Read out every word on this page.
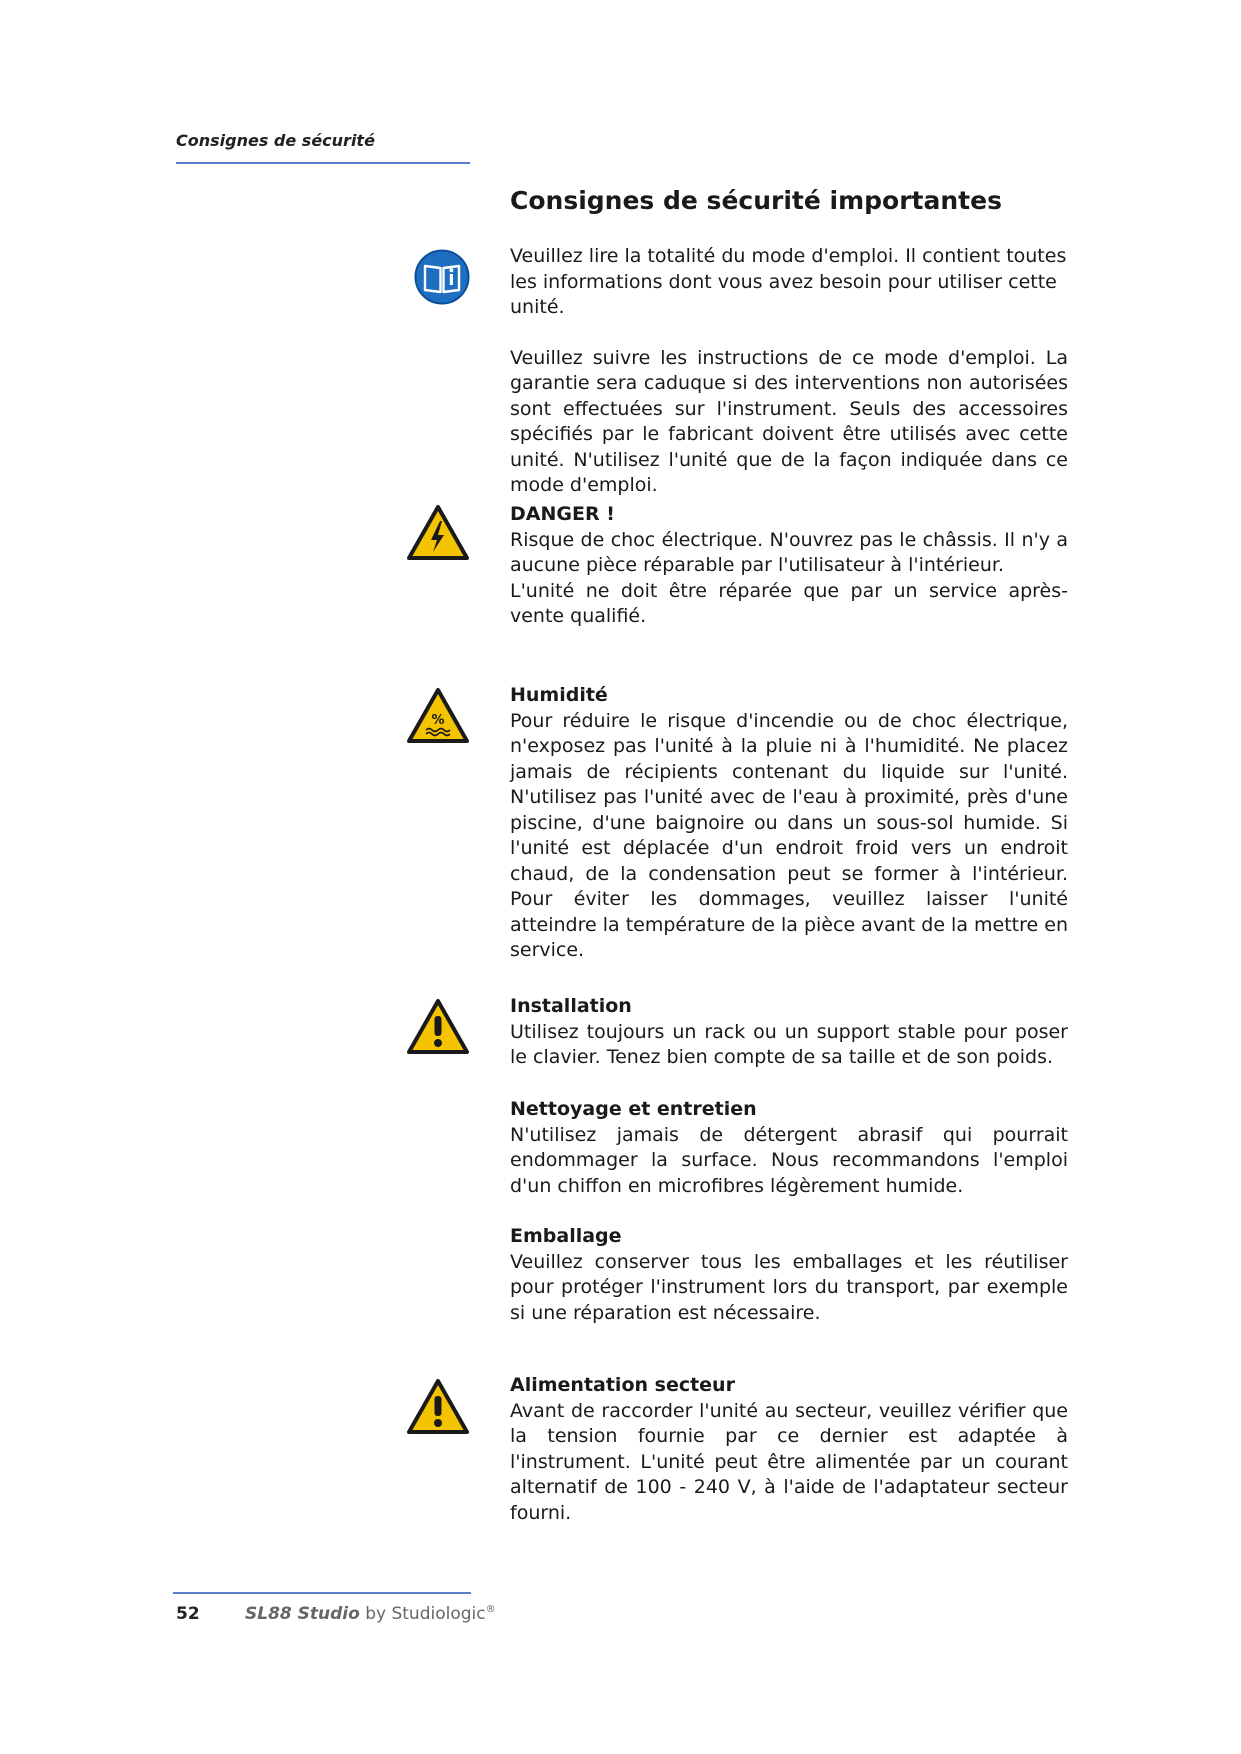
Consignes de sécurité
Consignes de sécurité importantes

Veuillez lire la totalité du mode d'emploi. Il contient toutes les informations dont vous avez besoin pour utiliser cette unité.

Veuillez suivre les instructions de ce mode d'emploi. La garantie sera caduque si des interventions non autorisées sont effectuées sur l'instrument. Seuls des accessoires spécifiés par le fabricant doivent être utilisés avec cette unité. N'utilisez l'unité que de la façon indiquée dans ce mode d'emploi.

DANGER !

Risque de choc électrique. N'ouvrez pas le châssis. Il n'y a aucune pièce réparable par l'utilisateur à l'intérieur.

L'unité ne doit être réparée que par un service après-vente qualifié.

%
Humidité

Pour réduire le risque d'incendie ou de choc électrique, n'exposez pas l'unité à la pluie ni à l'humidité. Ne placez jamais de récipients contenant du liquide sur l'unité. N'utilisez pas l'unité avec de l'eau à proximité, près d'une piscine, d'une baignoire ou dans un sous-sol humide. Si l'unité est déplacée d'un endroit froid vers un endroit chaud, de la condensation peut se former à l'intérieur. Pour éviter les dommages, veuillez laisser l'unité atteindre la température de la pièce avant de la mettre en service.

Installation

Utilisez toujours un rack ou un support stable pour poser le clavier. Tenez bien compte de sa taille et de son poids.

Nettoyage et entretien

N'utilisez jamais de détergent abrasif qui pourrait endommager la surface. Nous recommandons l'emploi d'un chiffon en microfibres légèrement humide.

Emballage

Veuillez conserver tous les emballages et les réutiliser pour protéger l'instrument lors du transport, par exemple si une réparation est nécessaire.

Alimentation secteur

Avant de raccorder l'unité au secteur, veuillez vérifier que la tension fournie par ce dernier est adaptée à l'instrument. L'unité peut être alimentée par un courant alternatif de 100 - 240 V, à l'aide de l'adaptateur secteur fourni.

52	SL88 Studio by Studiologic®
